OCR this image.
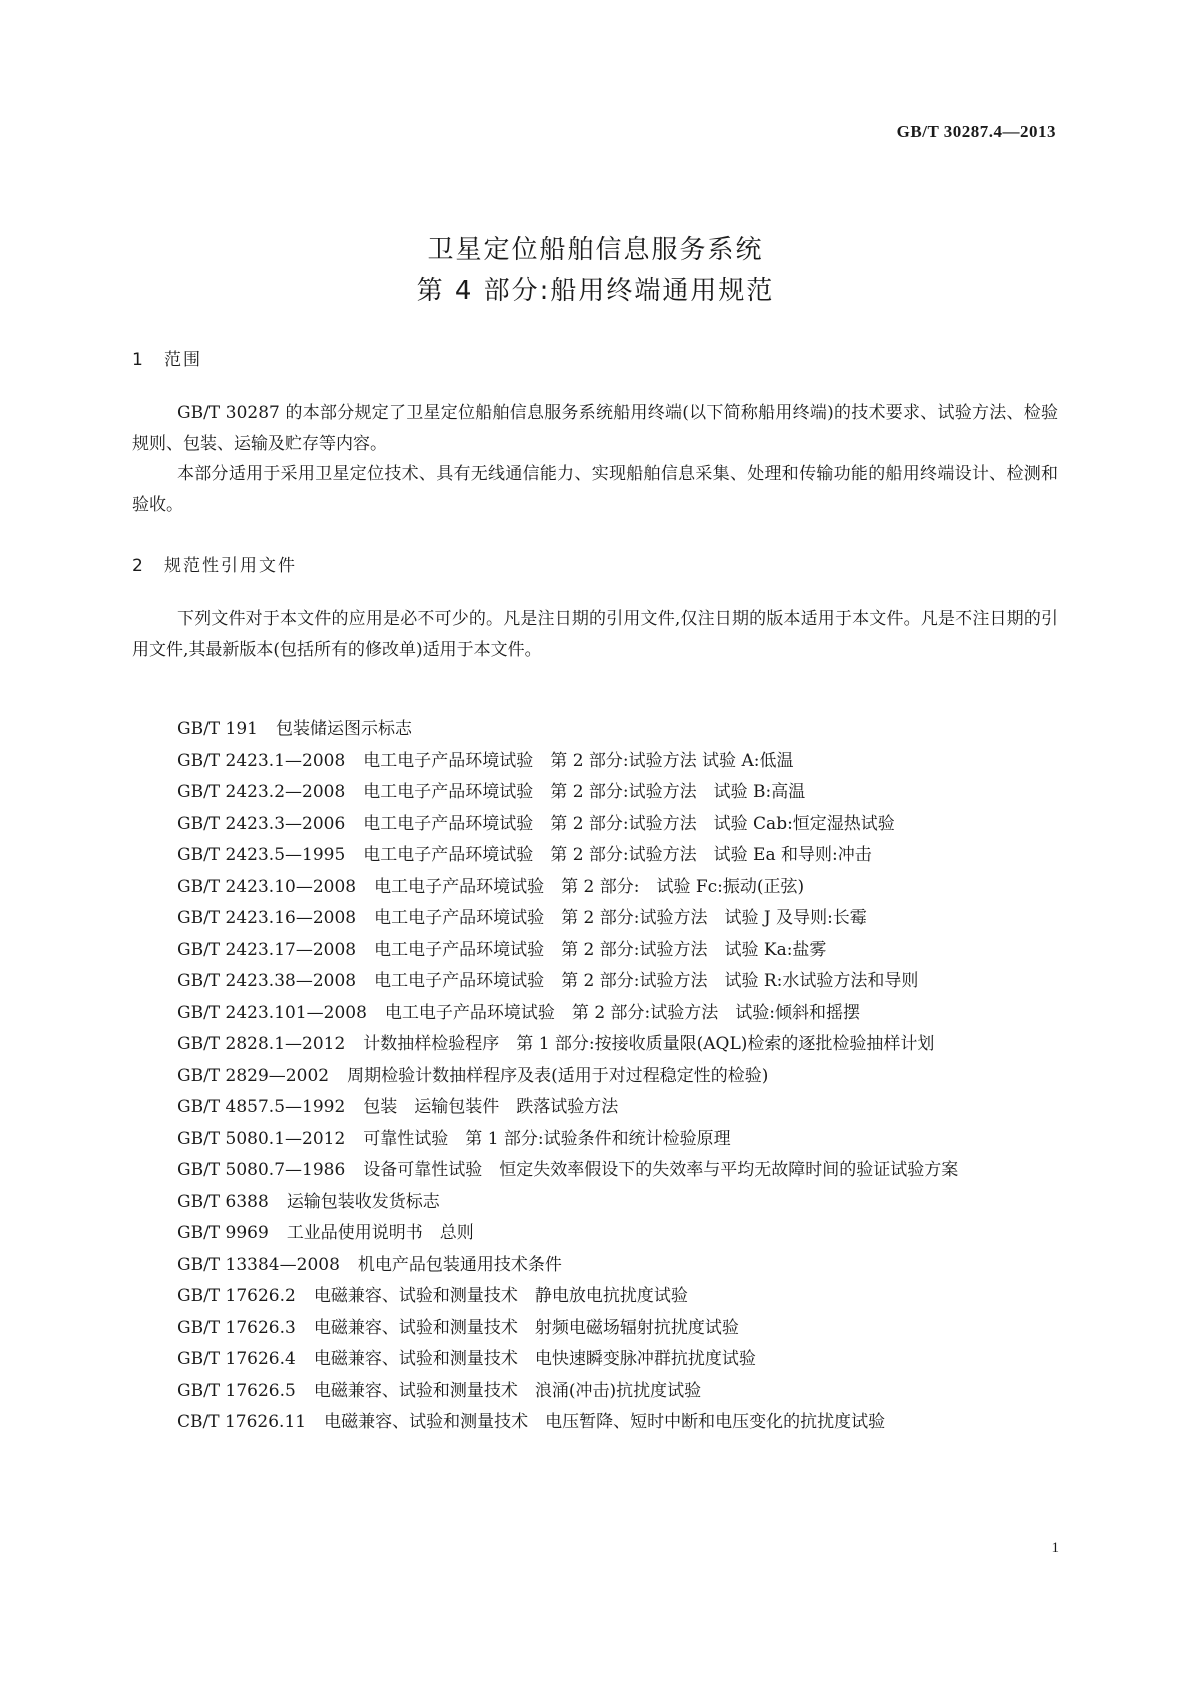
GB/T 30287.4—2013
卫星定位船舶信息服务系统
第 4 部分:船用终端通用规范
1 范围

GB/T 30287 的本部分规定了卫星定位船舶信息服务系统船用终端(以下简称船用终端)的技术要求、试验方法、检验规则、包装、运输及贮存等内容。

本部分适用于采用卫星定位技术、具有无线通信能力、实现船舶信息采集、处理和传输功能的船用终端设计、检测和验收。

2 规范性引用文件

下列文件对于本文件的应用是必不可少的。凡是注日期的引用文件,仅注日期的版本适用于本文件。凡是不注日期的引用文件,其最新版本(包括所有的修改单)适用于本文件。

GB/T 191 包装储运图示标志
GB/T 2423.1—2008 电工电子产品环境试验　第 2 部分:试验方法 试验 A:低温
GB/T 2423.2—2008 电工电子产品环境试验　第 2 部分:试验方法　试验 B:高温
GB/T 2423.3—2006 电工电子产品环境试验　第 2 部分:试验方法　试验 Cab:恒定湿热试验
GB/T 2423.5—1995 电工电子产品环境试验　第 2 部分:试验方法　试验 Ea 和导则:冲击
GB/T 2423.10—2008 电工电子产品环境试验　第 2 部分:　试验 Fc:振动(正弦)
GB/T 2423.16—2008 电工电子产品环境试验　第 2 部分:试验方法　试验 J 及导则:长霉
GB/T 2423.17—2008 电工电子产品环境试验　第 2 部分:试验方法　试验 Ka:盐雾
GB/T 2423.38—2008 电工电子产品环境试验　第 2 部分:试验方法　试验 R:水试验方法和导则
GB/T 2423.101—2008 电工电子产品环境试验　第 2 部分:试验方法　试验:倾斜和摇摆
GB/T 2828.1—2012 计数抽样检验程序　第 1 部分:按接收质量限(AQL)检索的逐批检验抽样计划
GB/T 2829—2002 周期检验计数抽样程序及表(适用于对过程稳定性的检验)
GB/T 4857.5—1992 包装　运输包装件　跌落试验方法
GB/T 5080.1—2012 可靠性试验　第 1 部分:试验条件和统计检验原理
GB/T 5080.7—1986 设备可靠性试验　恒定失效率假设下的失效率与平均无故障时间的验证试验方案
GB/T 6388 运输包装收发货标志
GB/T 9969 工业品使用说明书　总则
GB/T 13384—2008 机电产品包装通用技术条件
GB/T 17626.2 电磁兼容、试验和测量技术　静电放电抗扰度试验
GB/T 17626.3 电磁兼容、试验和测量技术　射频电磁场辐射抗扰度试验
GB/T 17626.4 电磁兼容、试验和测量技术　电快速瞬变脉冲群抗扰度试验
GB/T 17626.5 电磁兼容、试验和测量技术　浪涌(冲击)抗扰度试验
CB/T 17626.11 电磁兼容、试验和测量技术　电压暂降、短时中断和电压变化的抗扰度试验
1
